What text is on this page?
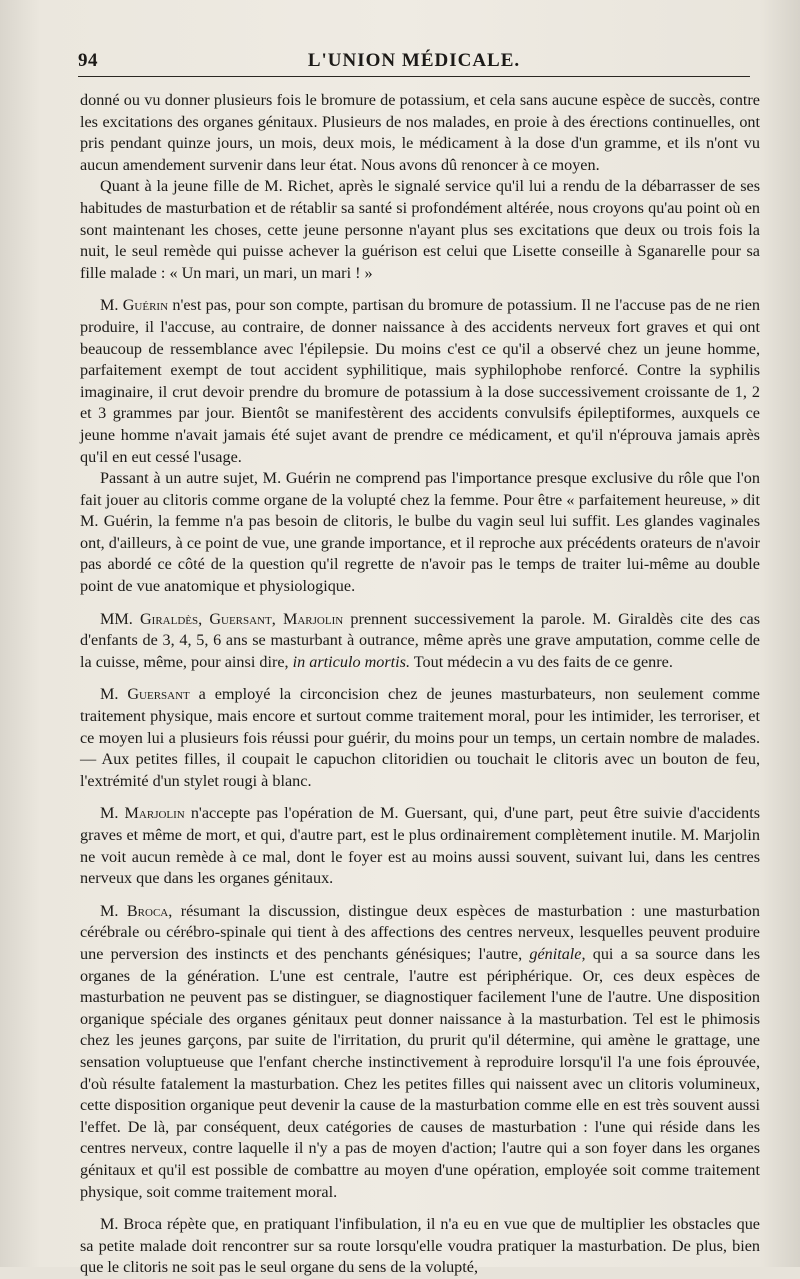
94	L'UNION MÉDICALE.

donné ou vu donner plusieurs fois le bromure de potassium, et cela sans aucune espèce de succès, contre les excitations des organes génitaux. Plusieurs de nos malades, en proie à des érections continuelles, ont pris pendant quinze jours, un mois, deux mois, le médicament à la dose d'un gramme, et ils n'ont vu aucun amendement survenir dans leur état. Nous avons dû renoncer à ce moyen.

Quant à la jeune fille de M. Richet, après le signalé service qu'il lui a rendu de la débarrasser de ses habitudes de masturbation et de rétablir sa santé si profondément altérée, nous croyons qu'au point où en sont maintenant les choses, cette jeune personne n'ayant plus ses excitations que deux ou trois fois la nuit, le seul remède qui puisse achever la guérison est celui que Lisette conseille à Sganarelle pour sa fille malade : « Un mari, un mari, un mari ! »

M. Guérin n'est pas, pour son compte, partisan du bromure de potassium. Il ne l'accuse pas de ne rien produire, il l'accuse, au contraire, de donner naissance à des accidents nerveux fort graves et qui ont beaucoup de ressemblance avec l'épilepsie. Du moins c'est ce qu'il a observé chez un jeune homme, parfaitement exempt de tout accident syphilitique, mais syphilophobe renforcé. Contre la syphilis imaginaire, il crut devoir prendre du bromure de potassium à la dose successivement croissante de 1, 2 et 3 grammes par jour. Bientôt se manifestèrent des accidents convulsifs épileptiformes, auxquels ce jeune homme n'avait jamais été sujet avant de prendre ce médicament, et qu'il n'éprouva jamais après qu'il en eut cessé l'usage.

Passant à un autre sujet, M. Guérin ne comprend pas l'importance presque exclusive du rôle que l'on fait jouer au clitoris comme organe de la volupté chez la femme. Pour être « parfaitement heureuse, » dit M. Guérin, la femme n'a pas besoin de clitoris, le bulbe du vagin seul lui suffit. Les glandes vaginales ont, d'ailleurs, à ce point de vue, une grande importance, et il reproche aux précédents orateurs de n'avoir pas abordé ce côté de la question qu'il regrette de n'avoir pas le temps de traiter lui-même au double point de vue anatomique et physiologique.

MM. Giraldès, Guersant, Marjolin prennent successivement la parole. M. Giraldès cite des cas d'enfants de 3, 4, 5, 6 ans se masturbant à outrance, même après une grave amputation, comme celle de la cuisse, même, pour ainsi dire, in articulo mortis. Tout médecin a vu des faits de ce genre.

M. Guersant a employé la circoncision chez de jeunes masturbateurs, non seulement comme traitement physique, mais encore et surtout comme traitement moral, pour les intimider, les terroriser, et ce moyen lui a plusieurs fois réussi pour guérir, du moins pour un temps, un certain nombre de malades. — Aux petites filles, il coupait le capuchon clitoridien ou touchait le clitoris avec un bouton de feu, l'extrémité d'un stylet rougi à blanc.

M. Marjolin n'accepte pas l'opération de M. Guersant, qui, d'une part, peut être suivie d'accidents graves et même de mort, et qui, d'autre part, est le plus ordinairement complètement inutile. M. Marjolin ne voit aucun remède à ce mal, dont le foyer est au moins aussi souvent, suivant lui, dans les centres nerveux que dans les organes génitaux.

M. Broca, résumant la discussion, distingue deux espèces de masturbation : une masturbation cérébrale ou cérébro-spinale qui tient à des affections des centres nerveux, lesquelles peuvent produire une perversion des instincts et des penchants génésiques; l'autre, génitale, qui a sa source dans les organes de la génération. L'une est centrale, l'autre est périphérique. Or, ces deux espèces de masturbation ne peuvent pas se distinguer, se diagnostiquer facilement l'une de l'autre. Une disposition organique spéciale des organes génitaux peut donner naissance à la masturbation. Tel est le phimosis chez les jeunes garçons, par suite de l'irritation, du prurit qu'il détermine, qui amène le grattage, une sensation voluptueuse que l'enfant cherche instinctivement à reproduire lorsqu'il l'a une fois éprouvée, d'où résulte fatalement la masturbation. Chez les petites filles qui naissent avec un clitoris volumineux, cette disposition organique peut devenir la cause de la masturbation comme elle en est très souvent aussi l'effet. De là, par conséquent, deux catégories de causes de masturbation : l'une qui réside dans les centres nerveux, contre laquelle il n'y a pas de moyen d'action; l'autre qui a son foyer dans les organes génitaux et qu'il est possible de combattre au moyen d'une opération, employée soit comme traitement physique, soit comme traitement moral.

M. Broca répète que, en pratiquant l'infibulation, il n'a eu en vue que de multiplier les obstacles que sa petite malade doit rencontrer sur sa route lorsqu'elle voudra pratiquer la masturbation. De plus, bien que le clitoris ne soit pas le seul organe du sens de la volupté,
